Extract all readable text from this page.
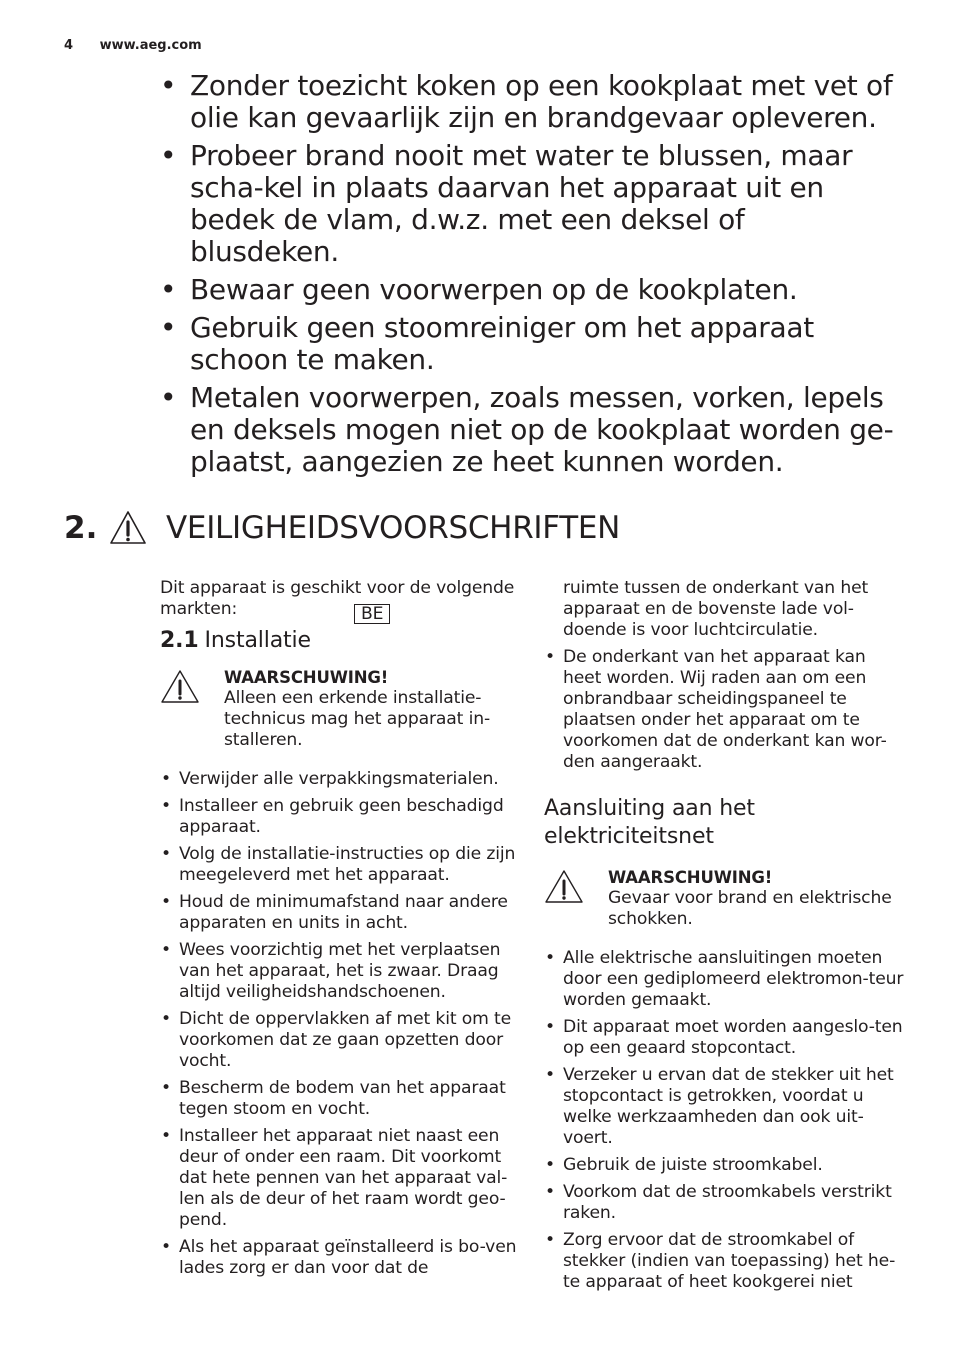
4 www.aeg.com
• Zonder toezicht koken op een kookplaat met vet of olie kan gevaarlijk zijn en brandgevaar opleveren.
• Probeer brand nooit met water te blussen, maar scha-kel in plaats daarvan het apparaat uit en bedek de vlam, d.w.z. met een deksel of blusdeken.
• Bewaar geen voorwerpen op de kookplaten.
• Gebruik geen stoomreiniger om het apparaat schoon te maken.
• Metalen voorwerpen, zoals messen, vorken, lepels en deksels mogen niet op de kookplaat worden ge-plaatst, aangezien ze heet kunnen worden.
2. VEILIGHEIDSVOORSCHRIFTEN
Dit apparaat is geschikt voor de volgende markten:	BE
2.1 Installatie
WAARSCHUWING!
Alleen een erkende installatie-technicus mag het apparaat in-stalleren.
• Verwijder alle verpakkingsmaterialen.
• Installeer en gebruik geen beschadigd apparaat.
• Volg de installatie-instructies op die zijn meegeleverd met het apparaat.
• Houd de minimumafstand naar andere apparaten en units in acht.
• Wees voorzichtig met het verplaatsen van het apparaat, het is zwaar. Draag altijd veiligheidshandschoenen.
• Dicht de oppervlakken af met kit om te voorkomen dat ze gaan opzetten door vocht.
• Bescherm de bodem van het apparaat tegen stoom en vocht.
• Installeer het apparaat niet naast een deur of onder een raam. Dit voorkomt dat hete pennen van het apparaat val-len als de deur of het raam wordt geo-pend.
• Als het apparaat geïnstalleerd is bo-ven lades zorg er dan voor dat de
ruimte tussen de onderkant van het apparaat en de bovenste lade vol-doende is voor luchtcirculatie.
• De onderkant van het apparaat kan heet worden. Wij raden aan om een onbrandbaar scheidingspaneel te plaatsen onder het apparaat om te voorkomen dat de onderkant kan wor-den aangeraakt.
Aansluiting aan het
elektriciteitsnet
WAARSCHUWING!
Gevaar voor brand en elektrische schokken.
• Alle elektrische aansluitingen moeten door een gediplomeerd elektromon-teur worden gemaakt.
• Dit apparaat moet worden aangeslo-ten op een geaard stopcontact.
• Verzeker u ervan dat de stekker uit het stopcontact is getrokken, voordat u welke werkzaamheden dan ook uit-voert.
• Gebruik de juiste stroomkabel.
• Voorkom dat de stroomkabels verstrikt raken.
• Zorg ervoor dat de stroomkabel of stekker (indien van toepassing) het he-te apparaat of heet kookgerei niet
